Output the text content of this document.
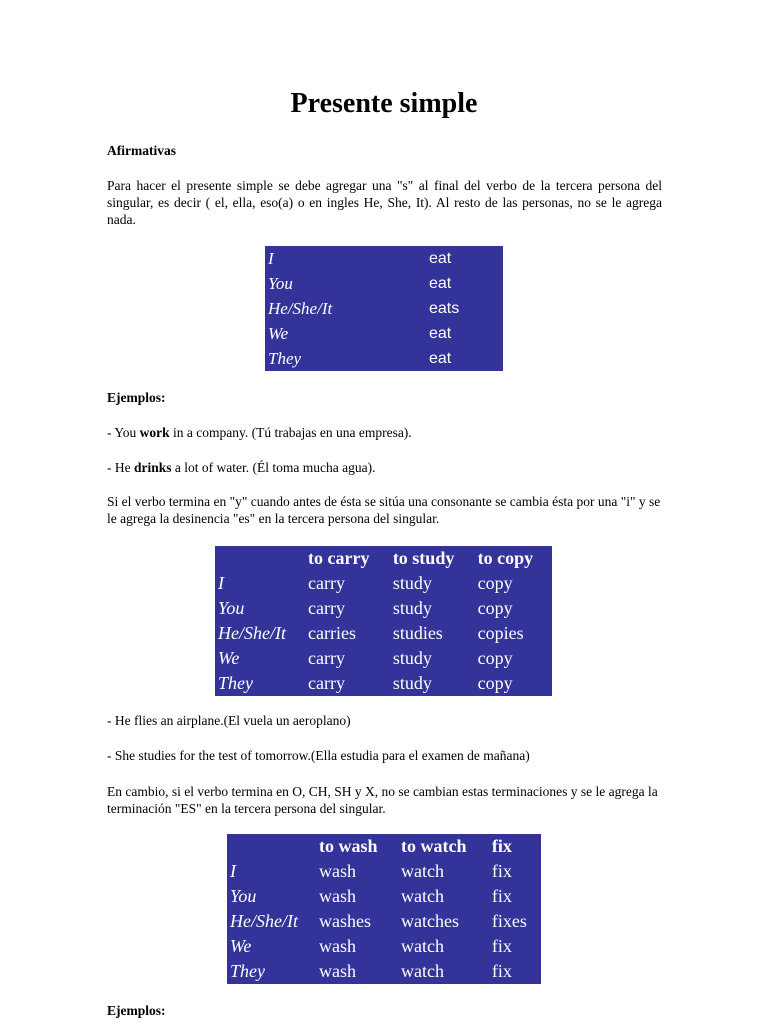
Presente simple

Afirmativas

Para hacer el presente simple se debe agregar una "s" al final del verbo de la tercera persona del singular, es decir ( el, ella, eso(a) o en ingles He, She, It). Al resto de las personas, no se le agrega nada.

I	eat
You	eat
He/She/It	eats
We	eat
They	eat

Ejemplos:

- You work in a company. (Tú trabajas en una empresa).

- He drinks a lot of water. (Él toma mucha agua).

Si el verbo termina en "y" cuando antes de ésta se sitúa una consonante se cambia ésta por una "i" y se le agrega la desinencia "es" en la tercera persona del singular.

	to carry	to study	to copy
I	carry	study	copy
You	carry	study	copy
He/She/It	carries	studies	copies
We	carry	study	copy
They	carry	study	copy

- He flies an airplane.(El vuela un aeroplano)

- She studies for the test of tomorrow.(Ella estudia para el examen de mañana)

En cambio, si el verbo termina en O, CH, SH y X, no se cambian estas terminaciones y se le agrega la terminación "ES" en la tercera persona del singular.

	to wash	to watch	fix
I	wash	watch	fix
You	wash	watch	fix
He/She/It	washes	watches	fixes
We	wash	watch	fix
They	wash	watch	fix

Ejemplos:
